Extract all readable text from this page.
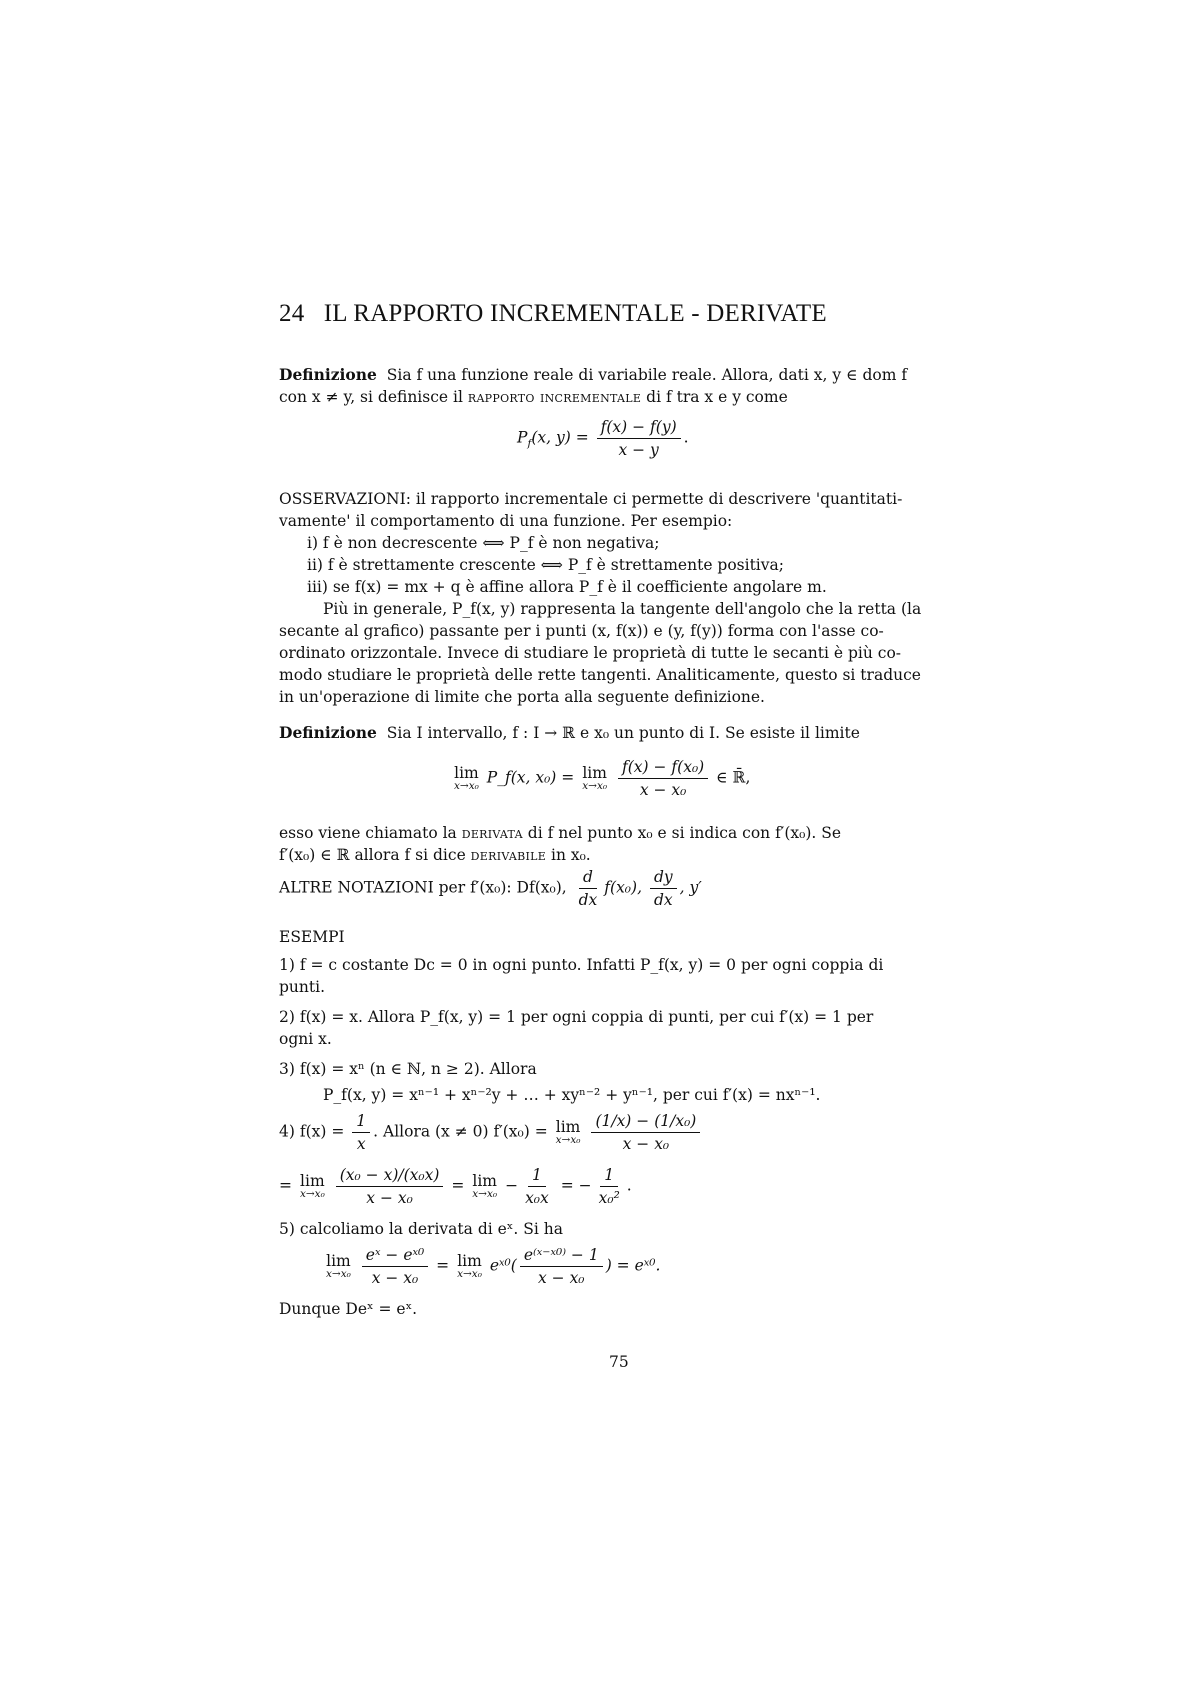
24 IL RAPPORTO INCREMENTALE - DERIVATE
Definizione Sia f una funzione reale di variabile reale. Allora, dati x, y ∈ dom f
con x ≠ y, si definisce il rapporto incrementale di f tra x e y come
$P_f(x$, $y) = \frac{f(x) - f(y)}{x - y}$ .
OSSERVAZIONI: il rapporto incrementale ci permette di descrivere 'quantitati-
vamente' il comportamento di una funzione. Per esempio:
i) f è non decrescente ⟺ P_f è non negativa;
ii) f è strettamente crescente ⟺ P_f è strettamente positiva;
iii) se f(x) = mx + q è affine allora P_f è il coefficiente angolare m.
Più in generale, P_f(x, y) rappresenta la tangente dell'angolo che la retta (la
secante al grafico) passante per i punti (x, f(x)) e (y, f(y)) forma con l'asse co-
ordinato orizzontale. Invece di studiare le proprietà di tutte le secanti è più co-
modo studiare le proprietà delle rette tangenti. Analiticamente, questo si traduce
in un'operazione di limite che porta alla seguente definizione.
Definizione Sia I intervallo, f : I → ℝ e x₀ un punto di I. Se esiste il limite
lim
x→x₀ P_f(x, x₀) = lim
x→x₀
$\frac{\text{f(x) − f(x₀)}}{\text{x − x₀}}$ ∈ ℝ̄,
esso viene chiamato la derivata di f nel punto x₀ e si indica con f′(x₀). Se
f′(x₀) ∈ ℝ allora f si dice derivabile in x₀.
ALTRE NOTAZIONI per f′(x₀): Df(x₀), $\frac{d}{dx} f(x_0)$, $\frac{dy}{dx}$ , y′
ESEMPI
1) f = c costante Dc = 0 in ogni punto. Infatti P_f(x, y) = 0 per ogni coppia di
punti.
2) f(x) = x. Allora P_f(x, y) = 1 per ogni coppia di punti, per cui f′(x) = 1 per
ogni x.
3) f(x) = xⁿ (n ∈ ℕ, n ≥ 2). Allora
P_f(x, y) = xⁿ⁻¹ + xⁿ⁻²y + … + xyⁿ⁻² + yⁿ⁻¹, per cui f′(x) = nxⁿ⁻¹.
4) $f(x) = \frac{1}{x}$ . Allora (x ≠ 0) f′(x₀) = lim
x→x₀
$\frac{\text{(1/x) − (1/x₀)}}{\text{x − x₀}}$
= lim
x→x₀
$\frac{\text{(x₀ − x)/(x₀x)}}{\text{x − x₀}} = \lim$
$x\to x_0 - \frac{1}{\text{x₀x}}$ = − $\frac{1}{\text{x₀²}}$ .
5) calcoliamo la derivata di eˣ. Si ha
lim
x→x₀
$\frac{\text{eˣ − eˣ⁰}}{\text{x − x₀}} = \lim$
x→x₀ eˣ⁰( $\frac{\text{e⁽ˣ⁻ˣ⁰⁾ − 1}}{\text{x − x₀}}$ ) = eˣ⁰.
Dunque Deˣ = eˣ.
75
